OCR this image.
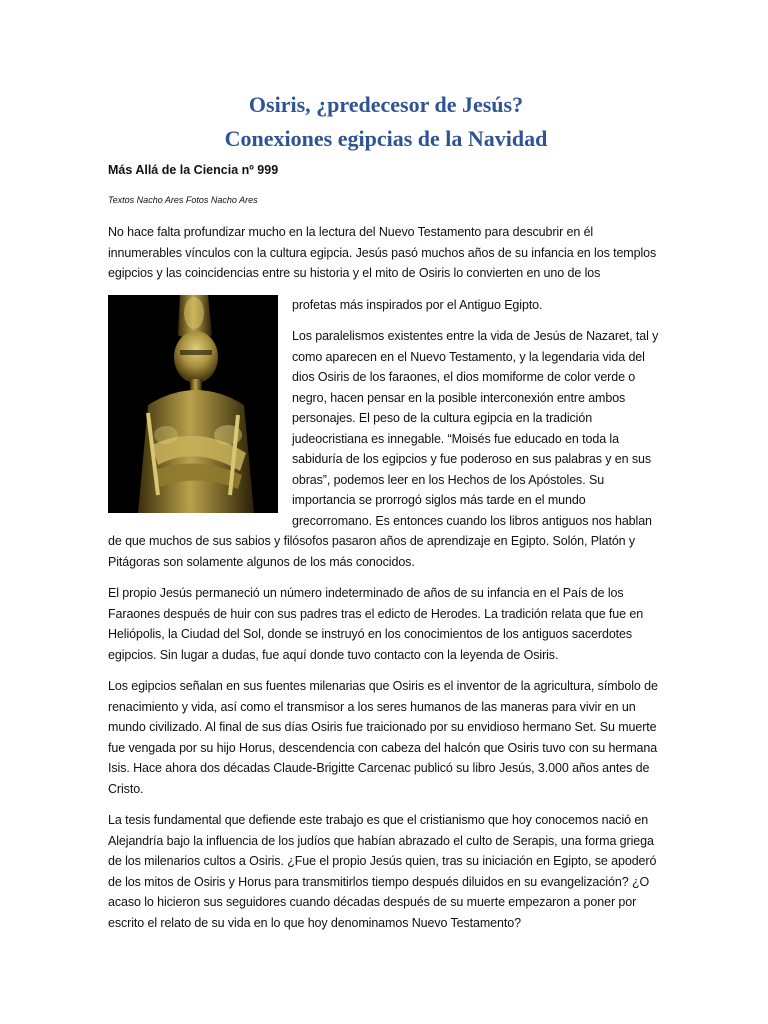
Osiris, ¿predecesor de Jesús?
Conexiones egipcias de la Navidad
Más Allá de la Ciencia nº 999
Textos Nacho Ares Fotos Nacho Ares

No hace falta profundizar mucho en la lectura del Nuevo Testamento para descubrir en él innumerables vínculos con la cultura egipcia. Jesús pasó muchos años de su infancia en los templos egipcios y las coincidencias entre su historia y el mito de Osiris lo convierten en uno de los

profetas más inspirados por el Antiguo Egipto.

Los paralelismos existentes entre la vida de Jesús de Nazaret, tal y como aparecen en el Nuevo Testamento, y la legendaria vida del dios Osiris de los faraones, el dios momiforme de color verde o negro, hacen pensar en la posible interconexión entre ambos personajes. El peso de la cultura egipcia en la tradición judeocristiana es innegable. “Moisés fue educado en toda la sabiduría de los egipcios y fue poderoso en sus palabras y en sus obras”, podemos leer en los Hechos de los Apóstoles. Su importancia se prorrogó siglos más tarde en el mundo grecorromano. Es entonces cuando los libros antiguos nos hablan de que muchos de sus sabios y filósofos pasaron años de aprendizaje en Egipto. Solón, Platón y Pitágoras son solamente algunos de los más conocidos.

El propio Jesús permaneció un número indeterminado de años de su infancia en el País de los Faraones después de huir con sus padres tras el edicto de Herodes. La tradición relata que fue en Heliópolis, la Ciudad del Sol, donde se instruyó en los conocimientos de los antiguos sacerdotes egipcios. Sin lugar a dudas, fue aquí donde tuvo contacto con la leyenda de Osiris.

Los egipcios señalan en sus fuentes milenarias que Osiris es el inventor de la agricultura, símbolo de renacimiento y vida, así como el transmisor a los seres humanos de las maneras para vivir en un mundo civilizado. Al final de sus días Osiris fue traicionado por su envidioso hermano Set. Su muerte fue vengada por su hijo Horus, descendencia con cabeza del halcón que Osiris tuvo con su hermana Isis. Hace ahora dos décadas Claude-Brigitte Carcenac publicó su libro Jesús, 3.000 años antes de Cristo.

La tesis fundamental que defiende este trabajo es que el cristianismo que hoy conocemos nació en Alejandría bajo la influencia de los judíos que habían abrazado el culto de Serapis, una forma griega de los milenarios cultos a Osiris. ¿Fue el propio Jesús quien, tras su iniciación en Egipto, se apoderó de los mitos de Osiris y Horus para transmitirlos tiempo después diluidos en su evangelización? ¿O acaso lo hicieron sus seguidores cuando décadas después de su muerte empezaron a poner por escrito el relato de su vida en lo que hoy denominamos Nuevo Testamento?
